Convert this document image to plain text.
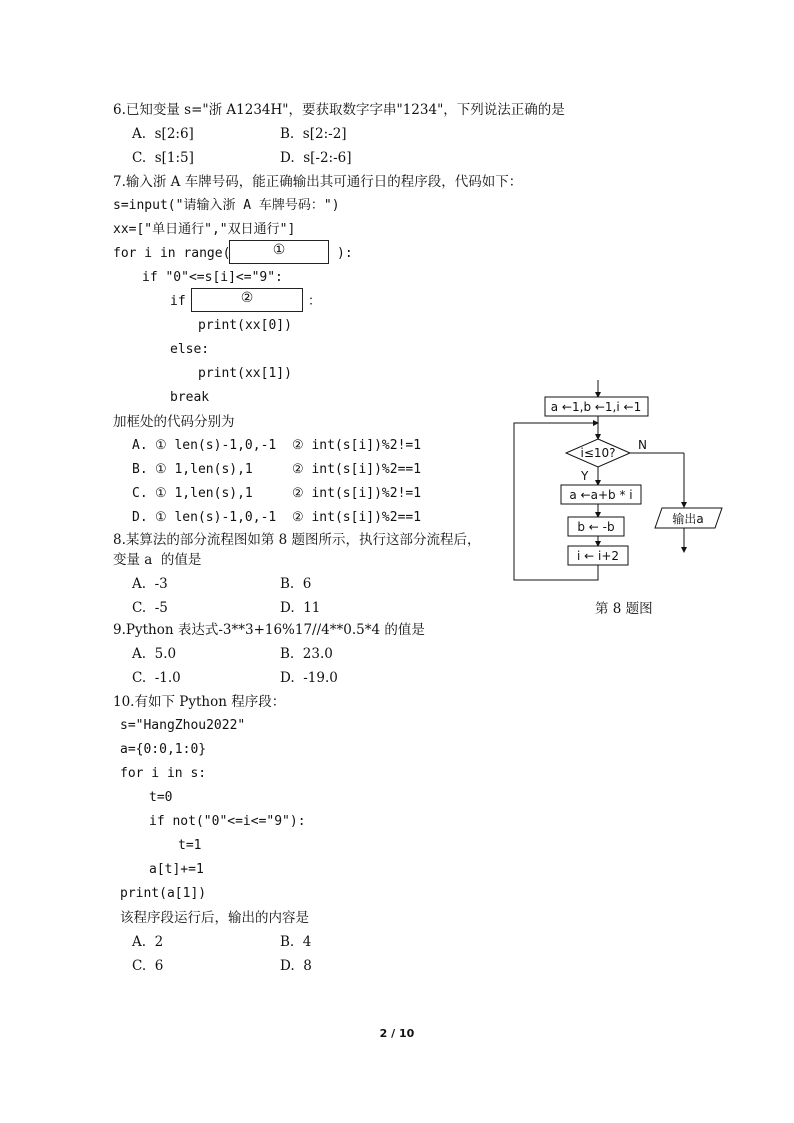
6.已知变量 s="浙 A1234H"，要获取数字字串"1234"，下列说法正确的是
A.  s[2:6]	B.  s[2:-2]
C.  s[1:5]	D.  s[-2:-6]
7.输入浙 A 车牌号码，能正确输出其可通行日的程序段，代码如下：
s=input("请输入浙 A 车牌号码：")
xx=["单日通行","双日通行"]
for i in range(	①	):
if "0"<=s[i]<="9":
if	②	：
print(xx[0])
else:
print(xx[1])
break
加框处的代码分别为
A. ① len(s)-1,0,-1 ② int(s[i])%2!=1
B. ① 1,len(s),1	② int(s[i])%2==1
C. ① 1,len(s),1	② int(s[i])%2!=1
D. ① len(s)-1,0,-1 ② int(s[i])%2==1
8.某算法的部分流程图如第 8 题图所示，执行这部分流程后，
变量 a  的值是
A.  -3	B.  6
C.  -5	D.  11
a ←1,b ←1,i ←1
i≤10?
N
输出a
Y
a ←a+b * i
b ← -b
i ← i+2
第 8 题图
9.Python 表达式-3**3+16%17//4**0.5*4 的值是
A.  5.0	B.  23.0
C.  -1.0	D.  -19.0
10.有如下 Python 程序段：
s="HangZhou2022"
a={0:0,1:0}
for i in s:
t=0
if not("0"<=i<="9"):
t=1
a[t]+=1
print(a[1])
该程序段运行后，输出的内容是
A.  2	B.  4
C.  6	D.  8
2 / 10
